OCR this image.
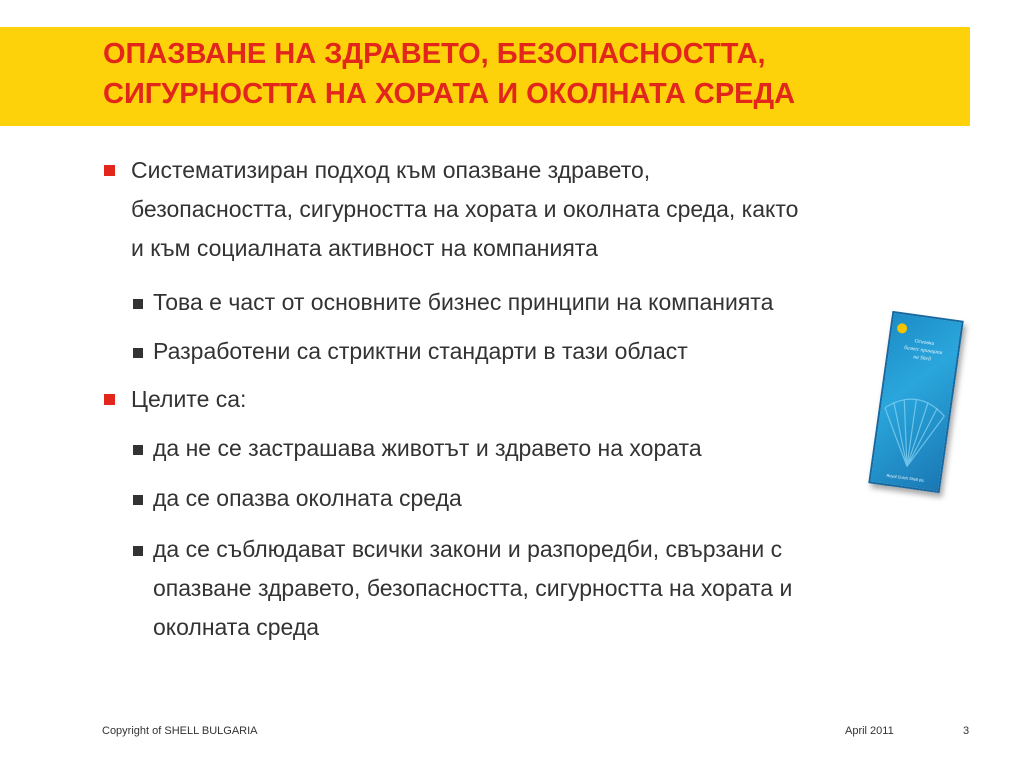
ОПАЗВАНЕ НА ЗДРАВЕТО, БЕЗОПАСНОСТТА,
СИГУРНОСТТА НА ХОРАТА И ОКОЛНАТА СРЕДА
Систематизиран подход към опазване здравето,
безопасността, сигурността на хората и околната среда, както
и към социалната активност на компанията
Това е част от основните бизнес принципи на компанията
Разработени са стриктни стандарти в тази област
Целите са:
да не се застрашава животът и здравето на хората
да се опазва околната среда
да се съблюдават всички закони и разпоредби, свързани с
опазване здравето, безопасността, сигурността на хората и
околната среда
Основни
бизнес принципи
на Shell
Royal Dutch Shell plc
Copyright of SHELL BULGARIA	April 2011	3
